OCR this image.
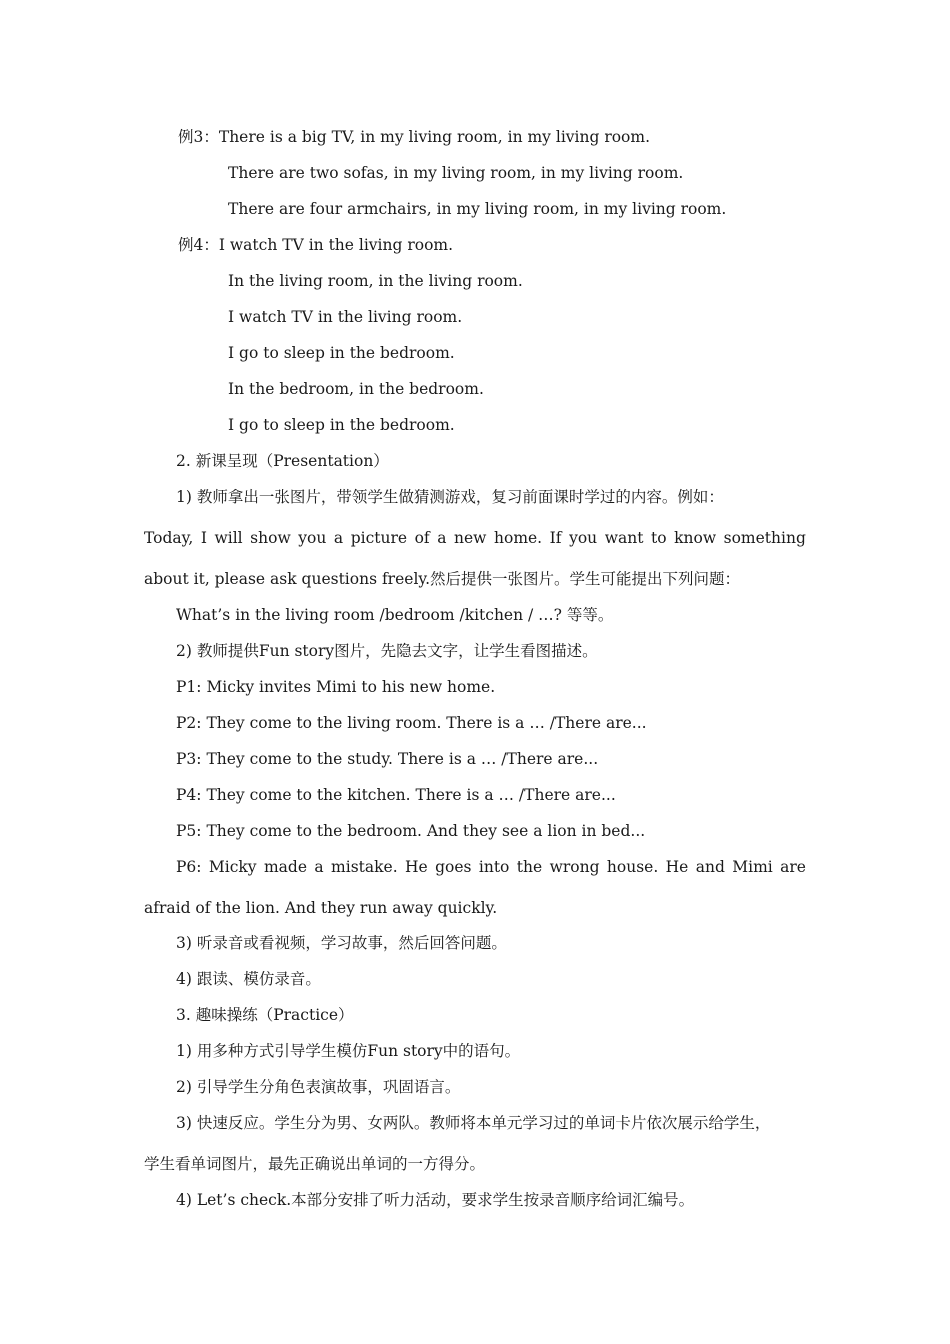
例3：There is a big TV, in my living room, in my living room.
There are two sofas, in my living room, in my living room.
There are four armchairs, in my living room, in my living room.
例4：I watch TV in the living room.
In the living room, in the living room.
I watch TV in the living room.
I go to sleep in the bedroom.
In the bedroom, in the bedroom.
I go to sleep in the bedroom.
2. 新课呈现（Presentation）
1) 教师拿出一张图片，带领学生做猜测游戏，复习前面课时学过的内容。例如：
Today, I will show you a picture of a new home. If you want to know something
about it, please ask questions freely.然后提供一张图片。学生可能提出下列问题：
What’s in the living room /bedroom /kitchen / …? 等等。
2) 教师提供Fun story图片，先隐去文字，让学生看图描述。
P1: Micky invites Mimi to his new home.
P2: They come to the living room. There is a … /There are...
P3: They come to the study. There is a … /There are...
P4: They come to the kitchen. There is a … /There are...
P5: They come to the bedroom. And they see a lion in bed...
P6: Micky made a mistake. He goes into the wrong house. He and Mimi are
afraid of the lion. And they run away quickly.
3) 听录音或看视频，学习故事，然后回答问题。
4) 跟读、模仿录音。
3. 趣味操练（Practice）
1) 用多种方式引导学生模仿Fun story中的语句。
2) 引导学生分角色表演故事，巩固语言。
3) 快速反应。学生分为男、女两队。教师将本单元学习过的单词卡片依次展示给学生，
学生看单词图片，最先正确说出单词的一方得分。
4) Let’s check.本部分安排了听力活动，要求学生按录音顺序给词汇编号。
